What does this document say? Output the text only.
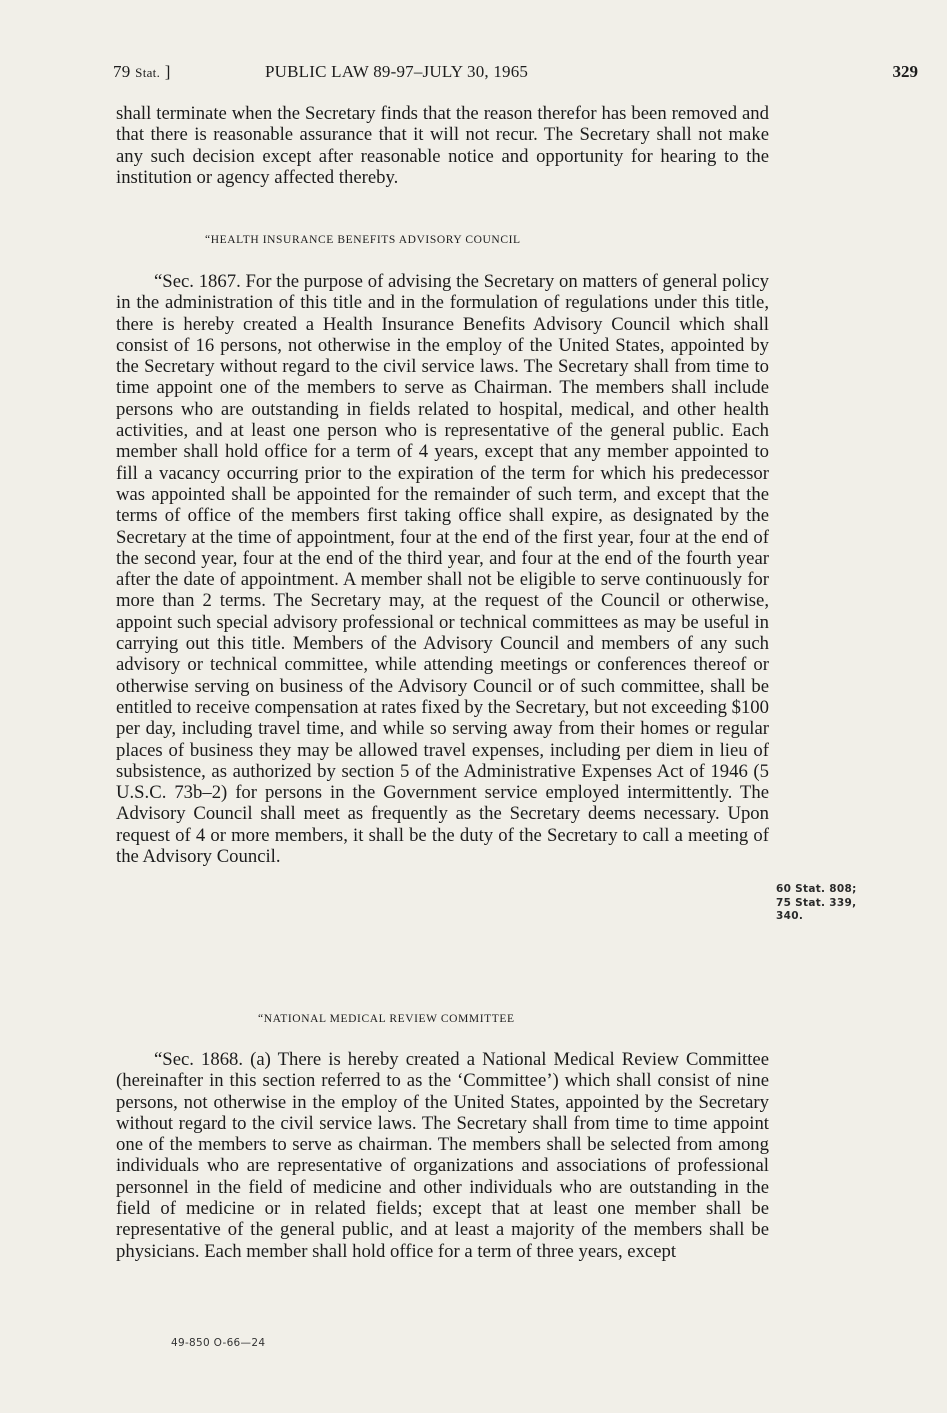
79 Stat. ]	PUBLIC LAW 89-97–JULY 30, 1965	329

shall terminate when the Secretary finds that the reason therefor has been removed and that there is reasonable assurance that it will not recur. The Secretary shall not make any such decision except after reasonable notice and opportunity for hearing to the institution or agency affected thereby.

“HEALTH INSURANCE BENEFITS ADVISORY COUNCIL

“Sec. 1867. For the purpose of advising the Secretary on matters of general policy in the administration of this title and in the formulation of regulations under this title, there is hereby created a Health Insurance Benefits Advisory Council which shall consist of 16 persons, not otherwise in the employ of the United States, appointed by the Secretary without regard to the civil service laws. The Secretary shall from time to time appoint one of the members to serve as Chairman. The members shall include persons who are outstanding in fields related to hospital, medical, and other health activities, and at least one person who is representative of the general public. Each member shall hold office for a term of 4 years, except that any member appointed to fill a vacancy occurring prior to the expiration of the term for which his predecessor was appointed shall be appointed for the remainder of such term, and except that the terms of office of the members first taking office shall expire, as designated by the Secretary at the time of appointment, four at the end of the first year, four at the end of the second year, four at the end of the third year, and four at the end of the fourth year after the date of appointment. A member shall not be eligible to serve continuously for more than 2 terms. The Secretary may, at the request of the Council or otherwise, appoint such special advisory professional or technical committees as may be useful in carrying out this title. Members of the Advisory Council and members of any such advisory or technical committee, while attending meetings or conferences thereof or otherwise serving on business of the Advisory Council or of such committee, shall be entitled to receive compensation at rates fixed by the Secretary, but not exceeding $100 per day, including travel time, and while so serving away from their homes or regular places of business they may be allowed travel expenses, including per diem in lieu of subsistence, as authorized by section 5 of the Administrative Expenses Act of 1946 (5 U.S.C. 73b–2) for persons in the Government service employed intermittently. The Advisory Council shall meet as frequently as the Secretary deems necessary. Upon request of 4 or more members, it shall be the duty of the Secretary to call a meeting of the Advisory Council.

60 Stat. 808;
75 Stat. 339,
340.
“NATIONAL MEDICAL REVIEW COMMITTEE

“Sec. 1868. (a) There is hereby created a National Medical Review Committee (hereinafter in this section referred to as the ‘Committee’) which shall consist of nine persons, not otherwise in the employ of the United States, appointed by the Secretary without regard to the civil service laws. The Secretary shall from time to time appoint one of the members to serve as chairman. The members shall be selected from among individuals who are representative of organizations and associations of professional personnel in the field of medicine and other individuals who are outstanding in the field of medicine or in related fields; except that at least one member shall be representative of the general public, and at least a majority of the members shall be physicians. Each member shall hold office for a term of three years, except

49-850 O-66—24
